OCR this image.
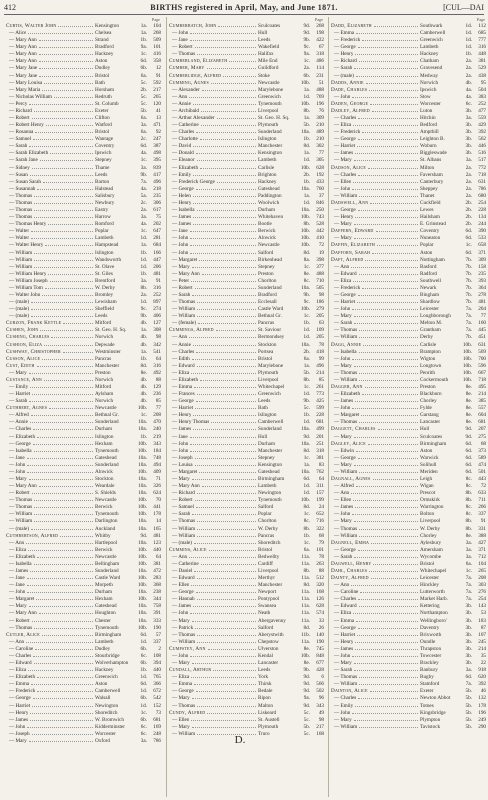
412	BIRTHS registered in April, May, and June 1871.	[CUL—DAI
Page
Curtis, Walter John	Kensington	1a.	104
— Alice	Chelsea	1a.	268
— Mary Ann	Strand	1b.	509
— Mary Ann	Bradford	9a.	101
— Mary Ann	Hackney	1c.	416
— Mary Ann	Aston	6d.	358
— Mary Jane	Dudley	6b.	12
— Mary Jane	Bristol	6a.	91
— Mary Louisa	Bath	5c.	592
— Mary Maria	Horsham	2b.	217
— Nicholas William	Redruth	5c.	265
— Percy	St. Columb	5c.	120
— Richard	Exeter	5b.	41
— Robert	Clifton	6a.	13
— Robert Henry	Watford	3a.	471
— Rosanna	Bristol	6a.	92
— Samuel	Wantage	2c.	247
— Sarah	Coventry	6d.	387
— Sarah Elizabeth	Ipswich	4a.	498
— Sarah Jane	Stepney	1c.	395
— Sidney	Thame	3a.	839
— Susan	Leeds	9b.	417
— Susan Sarah	Barton	7a.	496
— Susannah	Halstead	4a.	218
— Thomas	Salisbury	5a.	235
— Thomas	Newbury	2c.	306
— Thomas	Eastry	2a.	617
— Thomas	Harrow	3a.	75
— Thomas Henry	Romford	4a.	202
— Walter	Poplar	1c.	647
— Walter	Lambeth	1d.	281
— Walter Henry	Hampstead	1a.	684
— William	Islington	1b.	166
— William	Wandsworth	1d.	447
— William	St. Olave	1d.	206
— William Henry	St. Giles	1b.	481
— William Joseph	Brentford	3a.	91
— William Tom	W. Derby	8b.	316
— Walter John	Bromley	2a.	252
— (male)	Lewisham	1d.	897
— (male)	Sheffield	9c.	274
— (male)	Leeds	9b.	406
Curzon, Frank Kettle	Mitford	4b.	127
Cushen, John	St. Geo. H. Sq.	1a.	308
Cushing, Charles	Norwich	4b.	98
Cushion, Eliza	Depwade	4b.	342
Cushway, Christopher	Westminster	1a.	541
Cusson, Alice	Pancras	1b.	64
Cust, Edith	Manchester	8d.	316
— Mary	Preston	8e.	492
Custance, Ann	Norwich	4b.	88
— Emily	Mitford	4b.	129
— Harriet	Aylsham	4b.	236
— Sarah	Norwich	4b.	85
Cuthbert, Agnes	Newcastle	10b.	77
— Alfred	Bethnal Gr.	1c.	208
— Annie	Sunderland	10a.	470
— Charles	Durham	10a.	240
— Elizabeth	Islington	1b.	219
— George	Hexham	10b.	343
— Isabella	Tynemouth	10b.	184
— Jane	Gateshead	10a.	748
— John	Sunderland	10a.	494
— John	Alnwick	10b.	409
— Mary	Stockton	10a.	71
— Mary Ann	Weardale	10a.	326
— Robert	S. Shields	10a.	624
— Thomas	Newcastle	10b.	70
— Thomas	Berwick	10b.	441
— William	Tynemouth	10b.	178
— William	Darlington	10a.	14
— (male)	Auckland	10a.	165
Cuthbertson, Alfred	Whitby	9d.	481
— Ann	Hartlepool	10a.	123
— Eliza	Berwick	10b.	440
— Elizabeth	Newcastle	10b.	64
— Isabella	Bellingham	10b.	381
— James	Sunderland	10a.	472
— Jane	Castle Ward	10b.	283
— Jane	Morpeth	10b.	368
— John	Durham	10a.	238
— Margaret	Hexham	10b.	344
— Mary	Gateshead	10a.	758
— Mary Ann	Houghton	10a.	391
— Robert	Chester	10a.	333
— Thomas	Tynemouth	10b.	190
Cutler, Alice	Birmingham	6d.	57
— Ann	Lambeth	1d.	337
— Caroline	Dudley	6b.	2
— Charles	Stourbridge	6c.	108
— Edward	Wolverhampton	6b.	394
— Eliza	Hackney	1b.	440
— Elizabeth	Greenwich	1d.	765
— Emma	Aston	6d.	366
— Frederick	Camberwell	1d.	672
— George	Walsall	6b.	542
— Harriet	Newington	1d.	152
— Henry	Shoreditch	1c.	73
— James	W. Bromwich	6b.	681
— John	Kidderminster	6c.	169
— Joseph	Worcester	6c.	248
— Mary	Oxford	3a.	786
Page
Cumberbatch, John	Sculcoates	9d.	268
— John	Hull	9d.	198
— Jane	Leeds	9b.	422
— Robert	Wakefield	9c.	67
— Thomas	Halifax	9a.	318
Cumberland, Elizabeth	Mile End	1c.	486
Cumber, Mary	Guildford	2a.	114
Cumberlidge, Alfred	Stoke	6b.	231
Cumming, Agnes	Newcastle	10b.	51
— Alexander	Marylebone	1a.	488
— Ann	Greenwich	1d.	769
— Annie	Tynemouth	10b.	196
— Archibald	Liverpool	8b.	76
— Arthur Alexander	St. Geo. H. Sq.	1a.	309
— Catherine	Plymouth	5b.	210
— Charles	Sunderland	10a.	489
— Charlotte	Islington	1b.	210
— David	Manchester	8d.	302
— Donald	Kensington	1a.	77
— Eleanor	Lambeth	1d.	305
— Elizabeth	Carlisle	10b.	628
— Emily	Brighton	2b.	192
— Frederick George	Hackney	1b.	433
— George	Gateshead	10a.	760
— Helen	Paddington	1a.	37
— Henry	Woolwich	1d.	846
— Isabella	Durham	10a.	250
— James	Whitehaven	10b.	743
— James	Bootle	8b.	528
— Jane	Berwick	10b.	442
— John	Alnwick	10b.	410
— John	Newcastle	10b.	72
— John	Salford	8d.	19
— Margaret	Birkenhead	8a.	398
— Mary	Stepney	1c.	377
— Mary Ann	Preston	8e.	488
— Peter	Chorlton	8c.	710
— Robert	Sunderland	10a.	505
— Sarah	Bradford	9b.	98
— Thomas	Ecclesall	9c.	186
— William	Castle Ward	10b.	279
— William	Bethnal Gr.	1c.	205
— (female)	Pancras	1b.	63
Cummings, Alfred	St. Saviour	1d.	109
— Ann	Bermondsey	1d.	205
— Annie	Stockton	10a.	78
— Charles	Portsea	2b.	418
— Edith	Bristol	6a.	99
— Edward	Marylebone	1a.	496
— Eliza	Plymouth	5b.	214
— Elizabeth	Liverpool	8b.	85
— Emma	Whitechapel	1c.	261
— Frances	Greenwich	1d.	773
— George	Leeds	9b.	425
— Harriet	Bath	5c.	599
— Henry	Islington	1b.	228
— Henry Thomas	Camberwell	1d.	681
— James	Sunderland	10a.	499
— Jane	Hull	9d.	201
— John	Durham	10a.	251
— John	Manchester	8d.	318
— Joseph	Stepney	1c.	381
— Louisa	Kensington	1a.	83
— Margaret	Gateshead	10a.	762
— Mary	Birmingham	6d.	64
— Mary Ann	Lambeth	1d.	311
— Richard	Newington	1d.	157
— Robert	Tynemouth	10b.	199
— Samuel	Salford	8d.	24
— Sarah	Poplar	1c.	652
— Thomas	Chorlton	8c.	716
— William	W. Derby	8b.	322
— William	Pancras	1b.	68
— (male)	Shoreditch	1c.	79
Cummins, Alice	Bristol	6a.	101
— Ann	Bedwellty	11a.	78
— Catherine	Cardiff	11a.	263
— Daniel	Liverpool	8b.	88
— Edward	Merthyr	11a.	512
— Ellen	Manchester	8d.	320
— George	Newport	11a.	168
— Hannah	Pontypool	11a.	126
— James	Swansea	11a.	628
— John	Neath	11a.	574
— Mary	Abergavenny	11a.	33
— Patrick	Salford	8d.	26
— Thomas	Aberystwith	11b.	140
— William	Chepstow	11a.	190
Cumpstey, Ann	Ulverston	8e.	745
— John	Kendal	10b.	848
— Mary	Lancaster	8e.	677
Cundall, Arthur	Leeds	9b.	428
— Eliza	York	9d.	6
— Emma	Thirsk	9d.	566
— George	Bedale	9d.	502
— Mary	Ripon	9a.	96
— Thomas	Malton	9d.	343
Cundy, Alfred	Liskeard	5c.	49
— Ellen	St. Austell	5c.	98
— Mary	Plymouth	5b.	217
— William	Truro	5c.	168
Page
Dadd, Elizabeth	Southwark	1d.	112
— Emma	Camberwell	1d.	685
— Frederick	Greenwich	1d.	777
— George	Lambeth	1d.	316
— Henry	Hackney	1b.	448
— Richard	Chatham	2a.	381
— Sarah	Gravesend	2a.	529
— (male)	Medway	2a.	438
Dadds, Annie	Norwich	4b.	95
Dade, Charles	Ipswich	4a.	504
— John	Stow	4a.	383
Daden, George	Worcester	6c.	252
Dadley, Alfred	Luton	3b.	477
— Charles	Hitchin	3a.	559
— Eliza	Bedford	3b.	429
— Frederick	Ampthill	3b.	392
— George	Leighton B.	3b.	562
— Harriet	Woburn	3b.	446
— James	Biggleswade	3b.	516
— Mary	St. Albans	3a.	517
Dadson, Alice	Milton	2a.	772
— Charles	Faversham	2a.	718
— Ellen	Canterbury	2a.	631
— John	Sheppey	2a.	786
— William	Thanet	2a.	680
Dadswell, Ann	Cuckfield	2b.	254
— George	Lewes	2b.	228
— Henry	Hailsham	2b.	134
— Mary	E. Grinstead	2b.	244
Daffern, Edward	Coventry	6d.	390
— Mary	Nuneaton	6d.	533
Daffin, Elizabeth	Poplar	1c.	658
Dafforn, Sarah	Aston	6d.	371
Daft, Alfred	Nottingham	7b.	309
— Ann	Basford	7b.	158
— Edward	Radford	7b.	235
— Eliza	Southwell	7b.	393
— Frederick	Newark	7b.	364
— George	Bingham	7b.	278
— Harriet	Shardlow	7b.	481
— John	Leicester	7a.	204
— Mary	Loughborough	7a.	77
— Sarah	Melton M.	7a.	160
— Thomas	Grantham	7a.	445
— William	Derby	7b.	451
Dagg, Annie	Carlisle	10b.	631
— Isabella	Brampton	10b.	569
— John	Wigton	10b.	700
— Mary	Longtown	10b.	596
— Thomas	Penrith	10b.	667
— William	Cockermouth	10b.	718
Dagger, Ann	Preston	8e.	495
— Elizabeth	Blackburn	8e.	214
— James	Chorley	8e.	385
— John	Fylde	8e.	557
— Margaret	Garstang	8e.	604
— Thomas	Lancaster	8e.	681
Daggett, Charles	Hull	9d.	207
— Mary	Sculcoates	9d.	275
Dagley, Alice	Birmingham	6d.	68
— Edwin	Aston	6d.	373
— George	Warwick	6d.	589
— Mary	Solihull	6d.	474
— William	Meriden	6d.	501
Dagnall, Agnes	Leigh	8c.	443
— Alfred	Wigan	8c.	72
— Ann	Prescot	8b.	633
— Ellen	Ormskirk	8b.	711
— James	Warrington	8c.	266
— John	Bolton	8c.	337
— Mary	Liverpool	8b.	91
— Thomas	W. Derby	8b.	331
— William	Chorley	8e.	388
Dagnell, Emma	Aylesbury	3a.	427
— George	Amersham	3a.	371
— Sarah	Wycombe	3a.	712
Dagwell, Henry	Bristol	6a.	104
Dahl, Charles	Whitechapel	1c.	265
Dainty, Alfred	Leicester	7a.	208
— Ann	Hinckley	7a.	303
— Caroline	Lutterworth	7a.	276
— Charles	Market Harb.	7a.	254
— Edward	Kettering	3b.	143
— Eliza	Northampton	3b.	53
— Emma	Wellingboro'	3b.	183
— George	Daventry	3b.	87
— Harriet	Brixworth	3b.	107
— Henry	Oundle	3b.	245
— James	Thrapston	3b.	214
— John	Towcester	3b.	35
— Mary	Brackley	3b.	22
— Sarah	Banbury	3a.	918
— Thomas	Rugby	6d.	620
— William	Stamford	7a.	392
Dainton, Alice	Exeter	5b.	46
— Charles	Newton Abbot	5b.	132
— Emily	Totnes	5b.	178
— John	Kingsbridge	5b.	196
— Mary	Plympton	5b.	249
— William	Tavistock	5b.	290
D.
